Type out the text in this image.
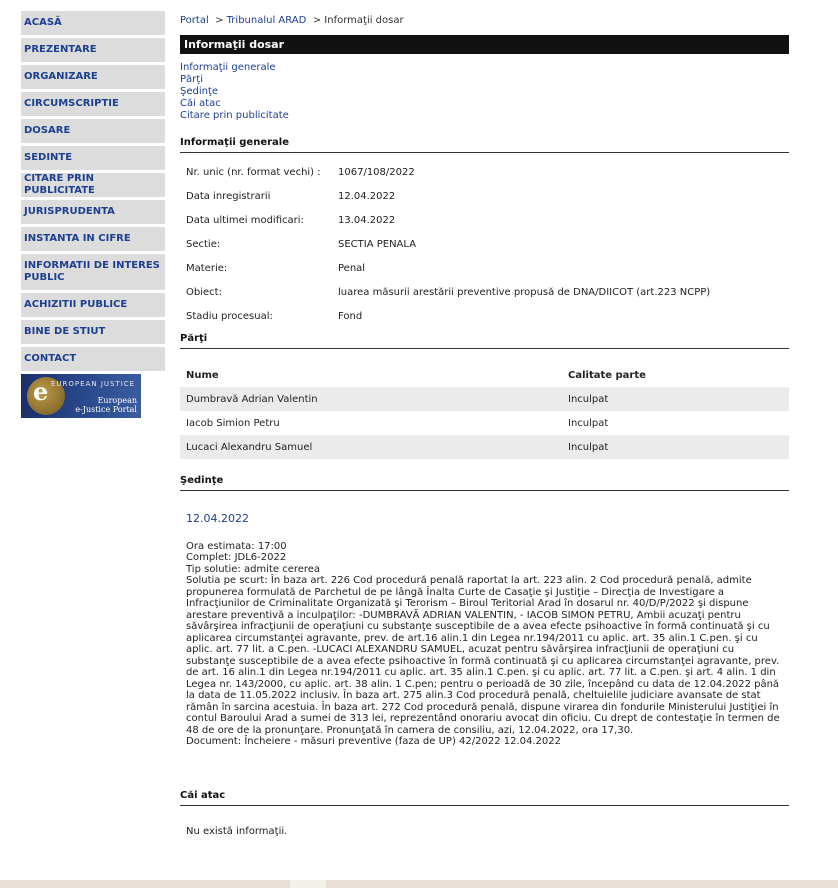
ACASĂ
PREZENTARE
ORGANIZARE
CIRCUMSCRIPTIE
DOSARE
SEDINTE
CITARE PRIN PUBLICITATE
JURISPRUDENTA
INSTANTA IN CIFRE
INFORMATII DE INTERES PUBLIC
ACHIZITII PUBLICE
BINE DE STIUT
CONTACT
e EUROPEAN JUSTICE
European
e-Justice Portal
Portal > Tribunalul ARAD > Informaţii dosar
Informaţii dosar
Informaţii generale
Părţi
Şedinţe
Căi atac
Citare prin publicitate
Informaţii generale
Nr. unic (nr. format vechi) :	1067/108/2022
Data inregistrarii	12.04.2022
Data ultimei modificari:	13.04.2022
Sectie:	SECTIA PENALA
Materie:	Penal
Obiect:	luarea măsurii arestării preventive propusă de DNA/DIICOT (art.223 NCPP)
Stadiu procesual:	Fond
Părţi
Nume	Calitate parte
Dumbravă Adrian Valentin	Inculpat
Iacob Simion Petru	Inculpat
Lucaci Alexandru Samuel	Inculpat
Şedinţe
12.04.2022
Ora estimata: 17:00
Complet: JDL6-2022
Tip solutie: admite cererea
Solutia pe scurt: În baza art. 226 Cod procedură penală raportat la art. 223 alin. 2 Cod procedură penală, admite propunerea formulată de Parchetul de pe lângă Înalta Curte de Casaţie şi Justiţie – Direcţia de Investigare a Infracţiunilor de Criminalitate Organizată şi Terorism – Biroul Teritorial Arad în dosarul nr. 40/D/P/2022 şi dispune arestare preventivă a inculpaţilor: -DUMBRAVĂ ADRIAN VALENTIN, - IACOB SIMON PETRU, Ambii acuzaţi pentru săvârşirea infracţiunii de operaţiuni cu substanţe susceptibile de a avea efecte psihoactive în formă continuată şi cu aplicarea circumstanţei agravante, prev. de art.16 alin.1 din Legea nr.194/2011 cu aplic. art. 35 alin.1 C.pen. şi cu aplic. art. 77 lit. a C.pen. -LUCACI ALEXANDRU SAMUEL, acuzat pentru săvârşirea infracţiunii de operaţiuni cu substanţe susceptibile de a avea efecte psihoactive în formă continuată şi cu aplicarea circumstanţei agravante, prev. de art. 16 alin.1 din Legea nr.194/2011 cu aplic. art. 35 alin.1 C.pen. şi cu aplic. art. 77 lit. a C.pen. şi art. 4 alin. 1 din Legea nr. 143/2000, cu aplic. art. 38 alin. 1 C.pen; pentru o perioadă de 30 zile, începând cu data de 12.04.2022 până la data de 11.05.2022 inclusiv. În baza art. 275 alin.3 Cod procedură penală, cheltuielile judiciare avansate de stat rămân în sarcina acestuia. În baza art. 272 Cod procedură penală, dispune virarea din fondurile Ministerului Justiţiei în contul Baroului Arad a sumei de 313 lei, reprezentând onorariu avocat din oficiu. Cu drept de contestaţie în termen de 48 de ore de la pronunţare. Pronunţată în camera de consiliu, azi, 12.04.2022, ora 17,30.
Document: Încheiere - măsuri preventive (faza de UP) 42/2022 12.04.2022
Căi atac
Nu există informaţii.
